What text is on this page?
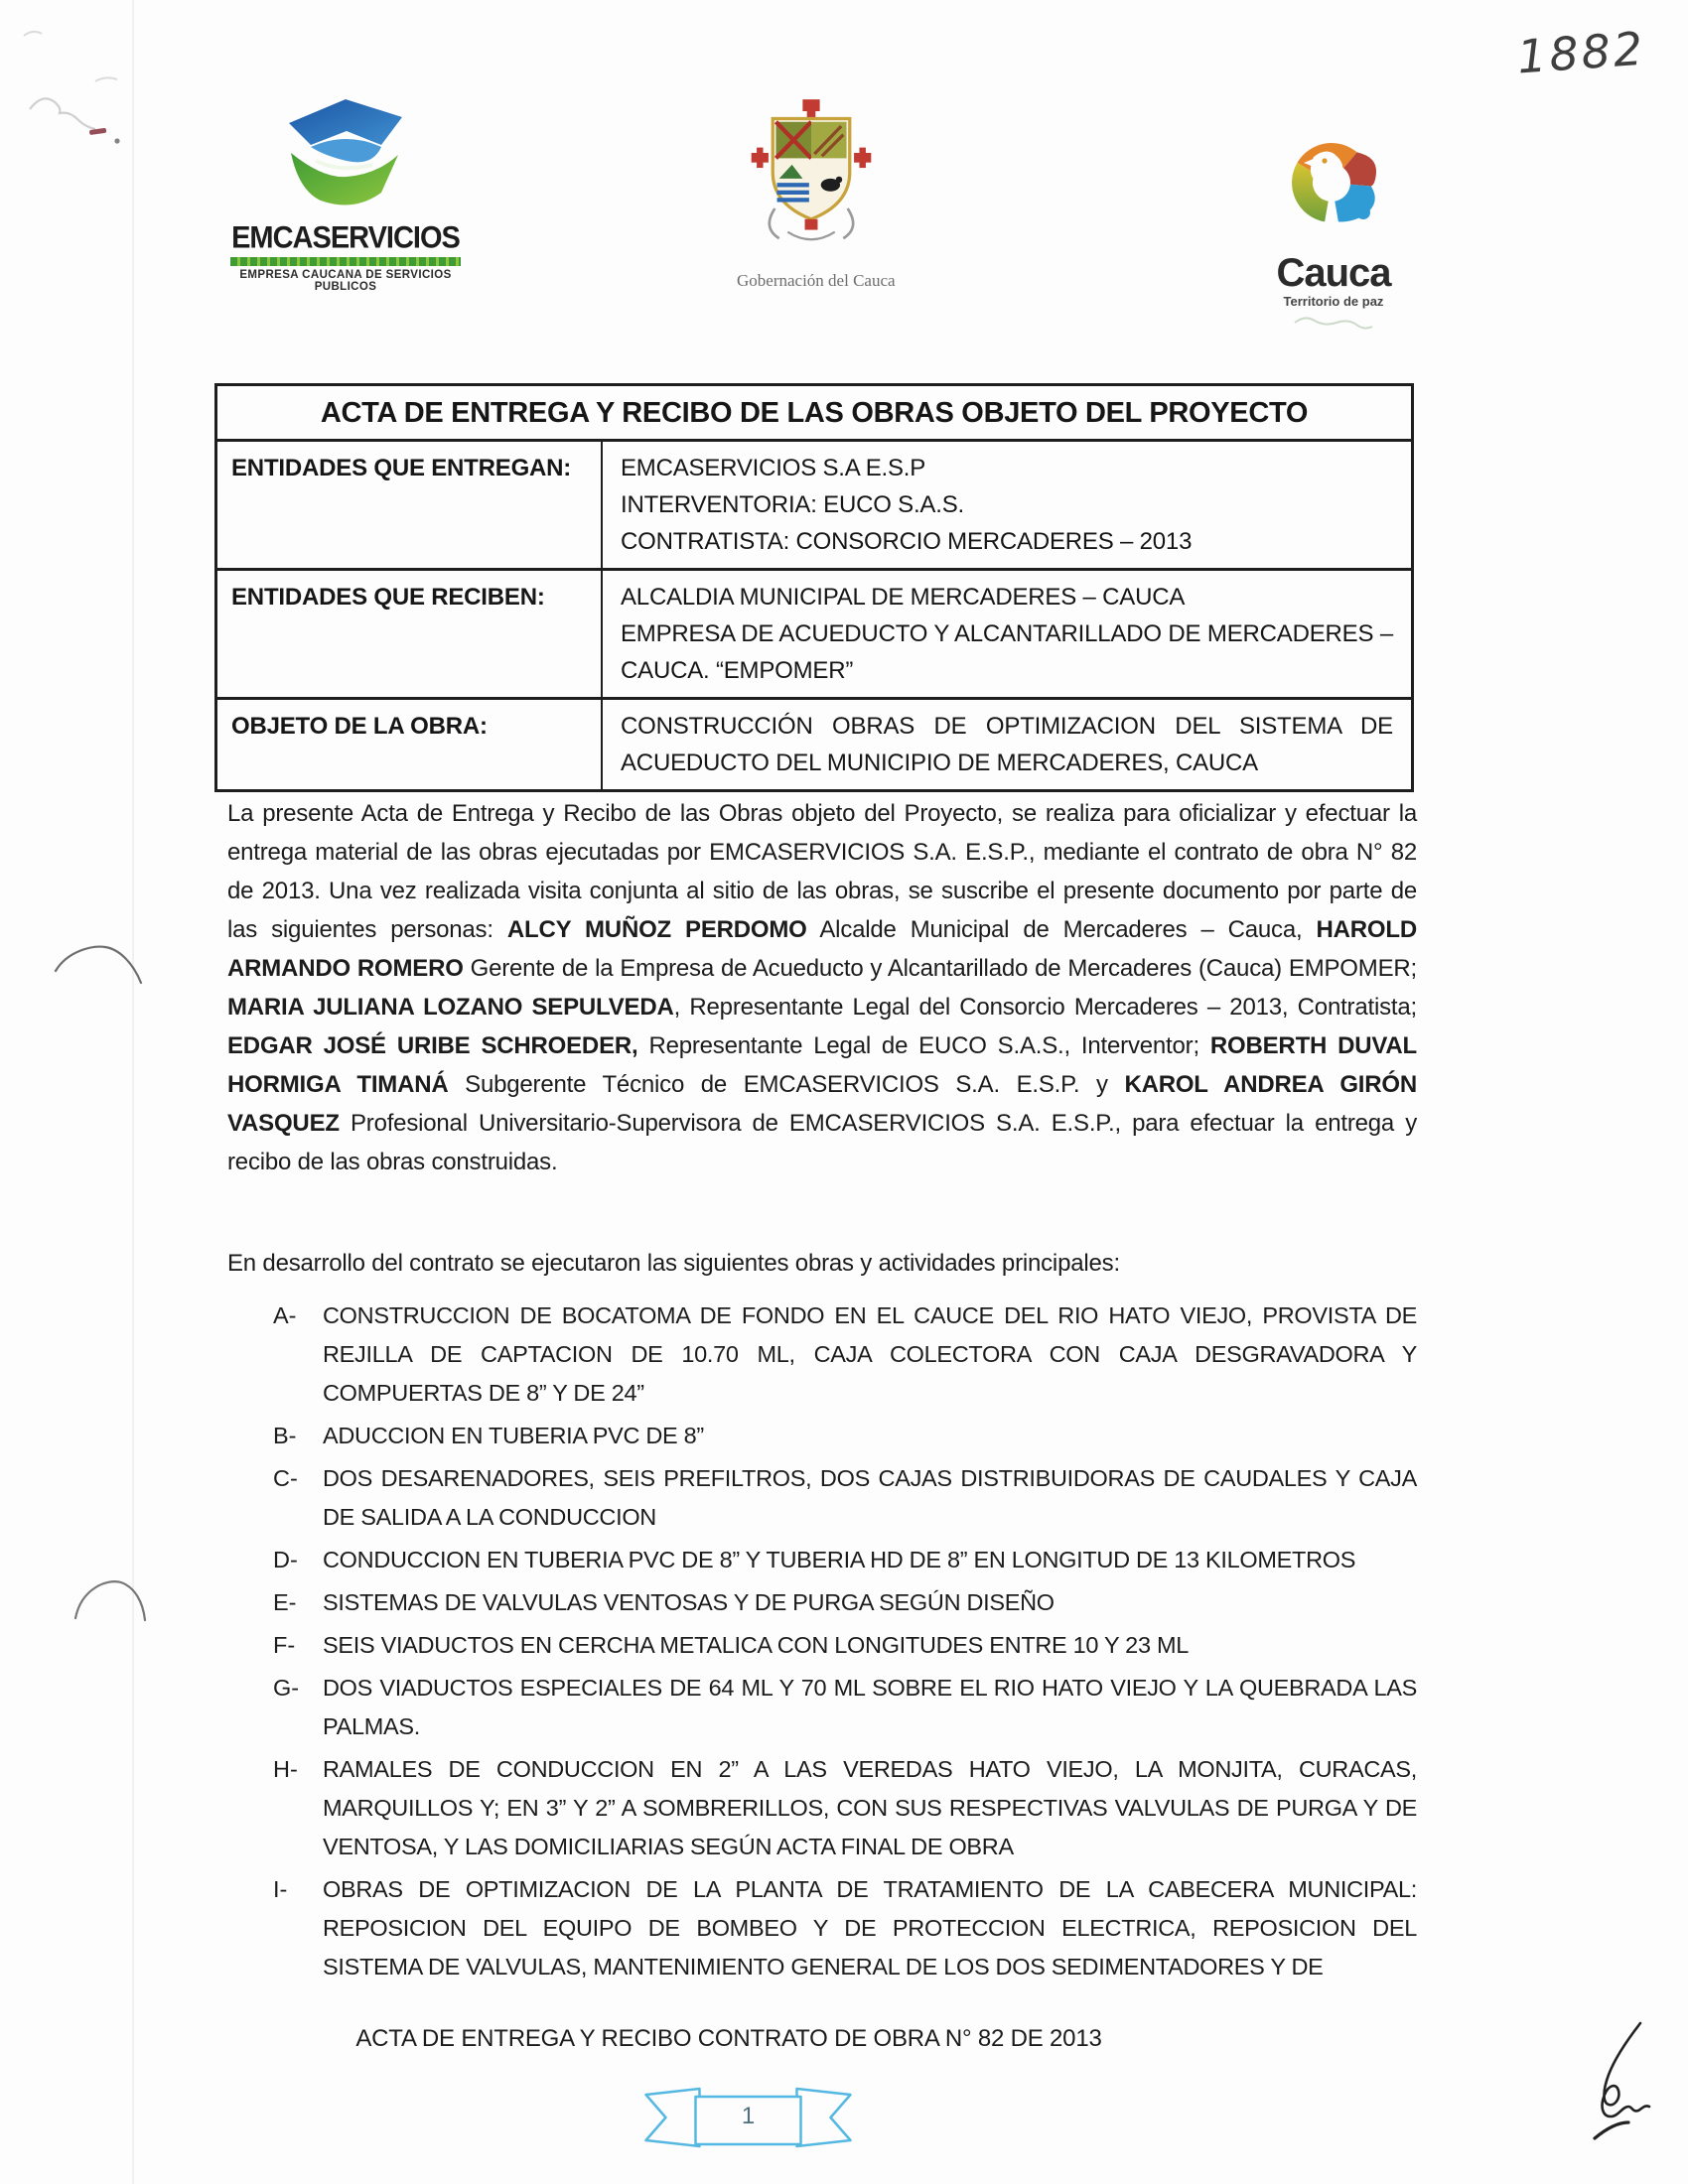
1882
EMCASERVICIOS
EMPRESA CAUCANA DE SERVICIOS PUBLICOS	Gobernación del Cauca	Cauca
Territorio de paz
ACTA DE ENTREGA Y RECIBO DE LAS OBRAS OBJETO DEL PROYECTO
ENTIDADES QUE ENTREGAN:	EMCASERVICIOS S.A E.S.P
INTERVENTORIA: EUCO S.A.S.
CONTRATISTA: CONSORCIO MERCADERES – 2013
ENTIDADES QUE RECIBEN:	ALCALDIA MUNICIPAL DE MERCADERES – CAUCA
EMPRESA DE ACUEDUCTO Y ALCANTARILLADO DE MERCADERES –
CAUCA. “EMPOMER”
OBJETO DE LA OBRA:	CONSTRUCCIÓN OBRAS DE OPTIMIZACION DEL SISTEMA DE
ACUEDUCTO DEL MUNICIPIO DE MERCADERES, CAUCA

La presente Acta de Entrega y Recibo de las Obras objeto del Proyecto, se realiza para oficializar y efectuar la entrega material de las obras ejecutadas por EMCASERVICIOS S.A. E.S.P., mediante el contrato de obra N° 82 de 2013. Una vez realizada visita conjunta al sitio de las obras, se suscribe el presente documento por parte de las siguientes personas: ALCY MUÑOZ PERDOMO Alcalde Municipal de Mercaderes – Cauca, HAROLD ARMANDO ROMERO Gerente de la Empresa de Acueducto y Alcantarillado de Mercaderes (Cauca) EMPOMER; MARIA JULIANA LOZANO SEPULVEDA, Representante Legal del Consorcio Mercaderes – 2013, Contratista; EDGAR JOSÉ URIBE SCHROEDER, Representante Legal de EUCO S.A.S., Interventor; ROBERTH DUVAL HORMIGA TIMANÁ Subgerente Técnico de EMCASERVICIOS S.A. E.S.P. y KAROL ANDREA GIRÓN VASQUEZ Profesional Universitario-Supervisora de EMCASERVICIOS S.A. E.S.P., para efectuar la entrega y recibo de las obras construidas.

En desarrollo del contrato se ejecutaron las siguientes obras y actividades principales:

A-	CONSTRUCCION DE BOCATOMA DE FONDO EN EL CAUCE DEL RIO HATO VIEJO, PROVISTA DE REJILLA DE CAPTACION DE 10.70 ML, CAJA COLECTORA CON CAJA DESGRAVADORA Y COMPUERTAS DE 8” Y DE 24”
B-	ADUCCION EN TUBERIA PVC DE 8”
C-	DOS DESARENADORES, SEIS PREFILTROS, DOS CAJAS DISTRIBUIDORAS DE CAUDALES Y CAJA DE SALIDA A LA CONDUCCION
D-	CONDUCCION EN TUBERIA PVC DE 8” Y TUBERIA HD DE 8” EN LONGITUD DE 13 KILOMETROS
E-	SISTEMAS DE VALVULAS VENTOSAS Y DE PURGA SEGÚN DISEÑO
F-	SEIS VIADUCTOS EN CERCHA METALICA CON LONGITUDES ENTRE 10 Y 23 ML
G-	DOS VIADUCTOS ESPECIALES DE 64 ML Y 70 ML SOBRE EL RIO HATO VIEJO Y LA QUEBRADA LAS PALMAS.
H-	RAMALES DE CONDUCCION EN 2” A LAS VEREDAS HATO VIEJO, LA MONJITA, CURACAS, MARQUILLOS Y; EN 3” Y 2” A SOMBRERILLOS, CON SUS RESPECTIVAS VALVULAS DE PURGA Y DE VENTOSA, Y LAS DOMICILIARIAS SEGÚN ACTA FINAL DE OBRA
I-	OBRAS DE OPTIMIZACION DE LA PLANTA DE TRATAMIENTO DE LA CABECERA MUNICIPAL: REPOSICION DEL EQUIPO DE BOMBEO Y DE PROTECCION ELECTRICA, REPOSICION DEL SISTEMA DE VALVULAS, MANTENIMIENTO GENERAL DE LOS DOS SEDIMENTADORES Y DE
ACTA DE ENTREGA Y RECIBO CONTRATO DE OBRA N° 82 DE 2013
1
